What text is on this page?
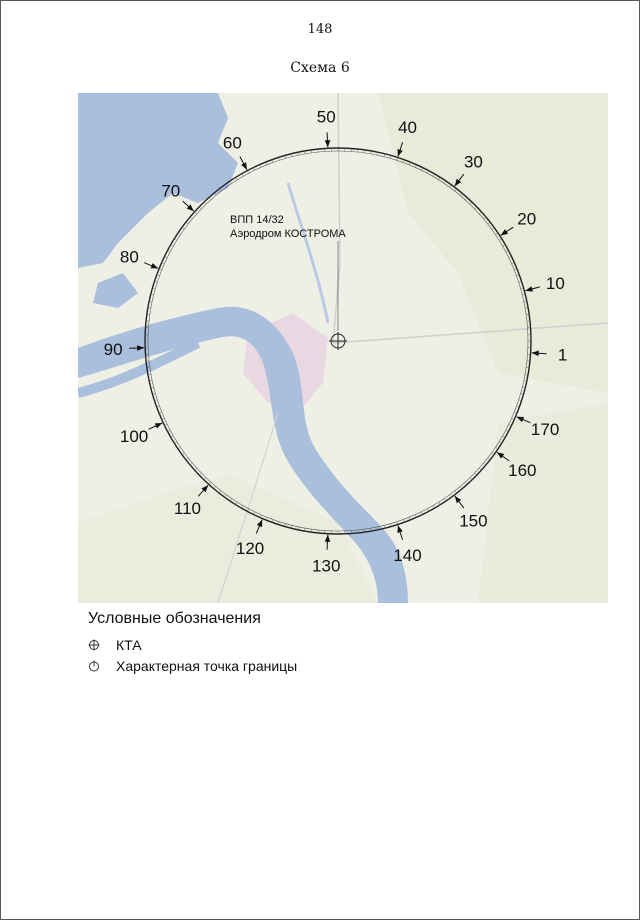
148
Схема 6
ВПП 14/32
Аэродром КОСТРОМА
1
10
20
30
40
50
60
70
80
90
100
110
120
130
140
150
160
170
Условные обозначения
КТА
Характерная точка границы
